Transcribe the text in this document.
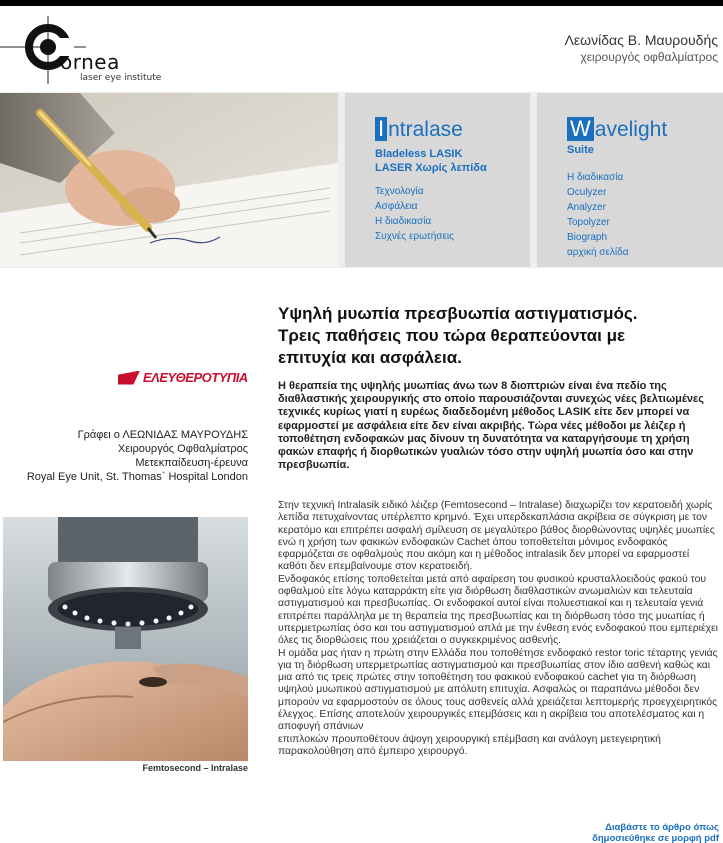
ornea
laser eye institute
Λεωνίδας Β. Μαυρουδής
χειρουργός οφθαλμίατρος
I ntralase
Bladeless LASIK
LASER Χωρίς λεπίδα
Τεχνολογία
Ασφάλεια
Η διαδικασία
Συχνές ερωτήσεις
W avelight
Suite
Η διαδικασία
Oculyzer
Analyzer
Topolyzer
Biograph
αρχική σελίδα
ΕΛΕΥΘΕΡΟΤΥΠΙΑ
Γράφει ο ΛΕΩΝΙΔΑΣ ΜΑΥΡΟΥΔΗΣ
Χειρουργός Οφθαλμίατρος
Μετεκπαίδευση-έρευνα
Royal Eye Unit, St. Thomas` Hospital London
Femtosecond – Intralase
Υψηλή μυωπία πρεσβυωπία αστιγματισμός.
Τρεις παθήσεις που τώρα θεραπεύονται με
επιτυχία και ασφάλεια.
Η θεραπεία της υψηλής μυωπίας άνω των 8 διοπτριών είναι ένα πεδίο της διαθλαστικής χειρουργικής στο οποίο παρουσιάζονται συνεχώς νέες βελτιωμένες τεχνικές κυρίως γιατί η ευρέως διαδεδομένη μέθοδος LASIK είτε δεν μπορεί να εφαρμοστεί με ασφάλεια είτε δεν είναι ακριβής. Τώρα νέες μέθοδοι με λέιζερ ή τοποθέτηση ενδοφακών μας δίνουν τη δυνατότητα να καταργήσουμε τη χρήση φακών επαφής ή διορθωτικών γυαλιών τόσο στην υψηλή μυωπία όσο και στην πρεσβυωπία.

Στην τεχνική Intralasik ειδικό λέιζερ (Femtosecond – Intralase) διαχωρίζει τον κερατοειδή χωρίς λεπίδα πετυχαίνοντας υπέρλεπτο κρημνό. Έχει υπερδεκαπλάσια ακρίβεια σε σύγκριση με τον κερατόμο και επιτρέπει ασφαλή σμίλευση σε μεγαλύτερο βάθος διορθώνοντας υψηλές μυωπίες ενώ η χρήση των φακικών ενδοφακών Cachet όπου τοποθετείται μόνιμος ενδοφακός εφαρμόζεται σε οφθαλμούς που ακόμη και η μέθοδος intralasik δεν μπορεί να εφαρμοστεί καθότι δεν επεμβαίνουμε στον κερατοειδή.

Ενδοφακός επίσης τοποθετείται μετά από αφαίρεση του φυσικού κρυσταλλοειδούς φακού του οφθαλμού είτε λόγω καταρράκτη είτε για διόρθωση διαθλαστικών ανωμαλιών και τελευταία αστιγματισμού και πρεσβυωπίας. Οι ενδοφακοί αυτοί είναι πολυεστιακοί και η τελευταία γενιά επιτρέπει παράλληλα με τη θεραπεία της πρεσβυωπίας και τη διόρθωση τόσο της μυωπίας ή υπερμετρωπίας όσο και του αστιγματισμού απλά με την ένθεση ενός ενδοφακού που εμπεριέχει όλες τις διορθώσεις που χρειάζεται ο συγκεκριμένος ασθενής.

Η ομάδα μας ήταν η πρώτη στην Ελλάδα που τοποθέτησε ενδοφακό restor toric τέταρτης γενιάς για τη διόρθωση υπερμετρωπίας αστιγματισμού και πρεσβυωπίας στον ίδιο ασθενή καθώς και μια από τις τρεις πρώτες στην τοποθέτηση του φακικού ενδοφακού cachet για τη διόρθωση υψηλού μυωπικού αστιγματισμού με απόλυτη επιτυχία. Ασφαλώς οι παραπάνω μέθοδοι δεν μπορούν να εφαρμοστούν σε όλους τους ασθενείς αλλά χρειάζεται λεπτομερής προεγχειρητικός έλεγχος. Επίσης αποτελούν χειρουργικές επεμβάσεις και η ακρίβεια του αποτελέσματος και η αποφυγή σπάνιων

επιπλοκών προυποθέτουν άψογη χειρουργική επέμβαση και ανάλογη μετεγειρητική παρακολούθηση από έμπειρο χειρουργό.

Διαβάστε το άρθρο όπως
δημοσιεύθηκε σε μορφή pdf
